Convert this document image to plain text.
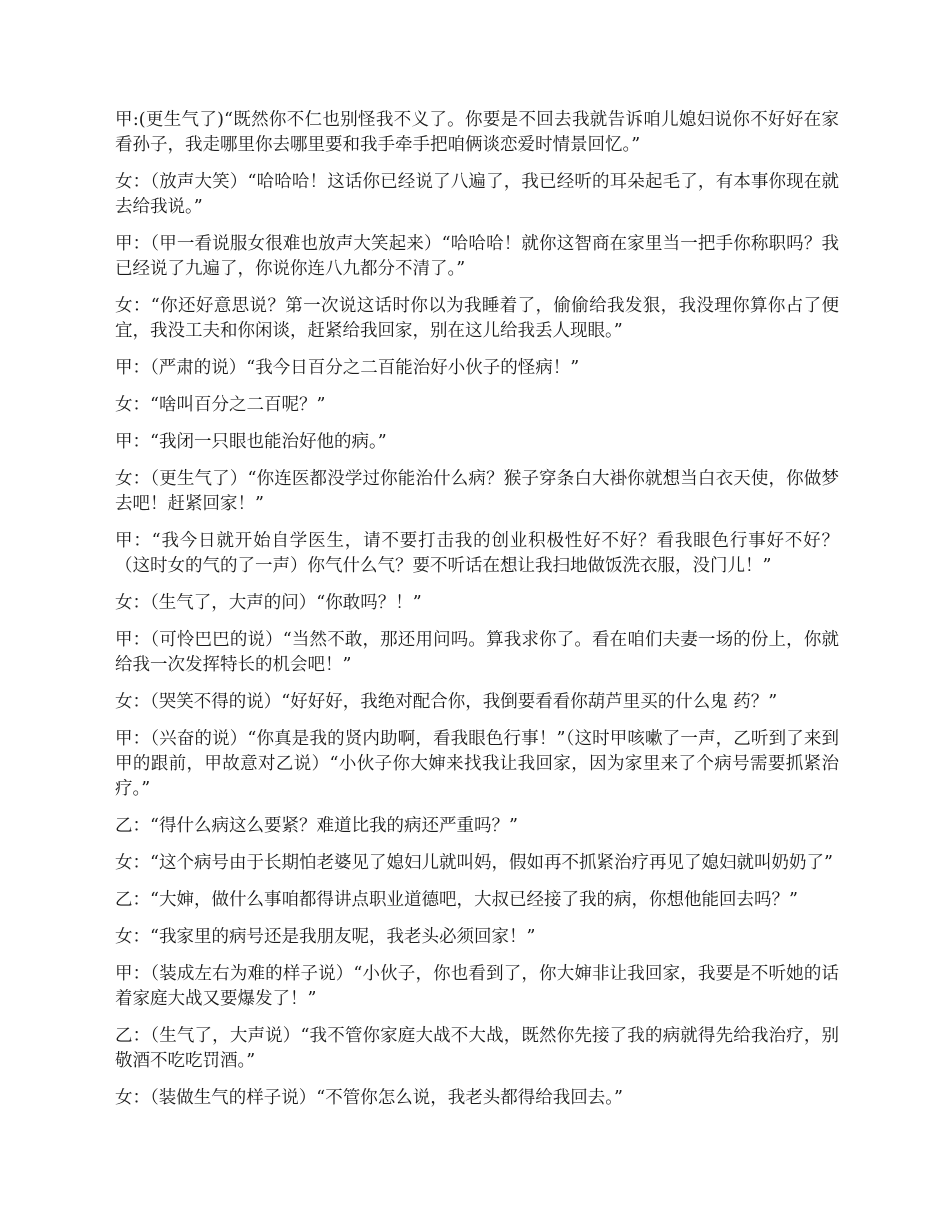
甲:(更生气了)“既然你不仁也别怪我不义了。你要是不回去我就告诉咱儿媳妇说你不好好在家看孙子，我走哪里你去哪里要和我手牵手把咱俩谈恋爱时情景回忆。”

女：（放声大笑）“哈哈哈！这话你已经说了八遍了，我已经听的耳朵起毛了，有本事你现在就去给我说。”

甲：（甲一看说服女很难也放声大笑起来）“哈哈哈！就你这智商在家里当一把手你称职吗？我已经说了九遍了，你说你连八九都分不清了。”

女：“你还好意思说？第一次说这话时你以为我睡着了，偷偷给我发狠，我没理你算你占了便宜，我没工夫和你闲谈，赶紧给我回家，别在这儿给我丢人现眼。”

甲：（严肃的说）“我今日百分之二百能治好小伙子的怪病！”

女：“啥叫百分之二百呢？”

甲：“我闭一只眼也能治好他的病。”

女：（更生气了）“你连医都没学过你能治什么病？猴子穿条白大褂你就想当白衣天使，你做梦去吧！赶紧回家！”

甲：“我今日就开始自学医生，请不要打击我的创业积极性好不好？看我眼色行事好不好？（这时女的气的了一声）你气什么气？要不听话在想让我扫地做饭洗衣服，没门儿！”

女：（生气了，大声的问）“你敢吗？！”

甲：（可怜巴巴的说）“当然不敢，那还用问吗。算我求你了。看在咱们夫妻一场的份上，你就给我一次发挥特长的机会吧！”

女：（哭笑不得的说）“好好好，我绝对配合你，我倒要看看你葫芦里买的什么鬼 药？”

甲：（兴奋的说）“你真是我的贤内助啊，看我眼色行事！”（这时甲咳嗽了一声，乙听到了来到甲的跟前，甲故意对乙说）“小伙子你大婶来找我让我回家，因为家里来了个病号需要抓紧治疗。”

乙：“得什么病这么要紧？难道比我的病还严重吗？”

女：“这个病号由于长期怕老婆见了媳妇儿就叫妈，假如再不抓紧治疗再见了媳妇就叫奶奶了”

乙：“大婶，做什么事咱都得讲点职业道德吧，大叔已经接了我的病，你想他能回去吗？”

女：“我家里的病号还是我朋友呢，我老头必须回家！”

甲：（装成左右为难的样子说）“小伙子，你也看到了，你大婶非让我回家，我要是不听她的话着家庭大战又要爆发了！”

乙：（生气了，大声说）“我不管你家庭大战不大战，既然你先接了我的病就得先给我治疗，别敬酒不吃吃罚酒。”

女：（装做生气的样子说）“不管你怎么说，我老头都得给我回去。”
